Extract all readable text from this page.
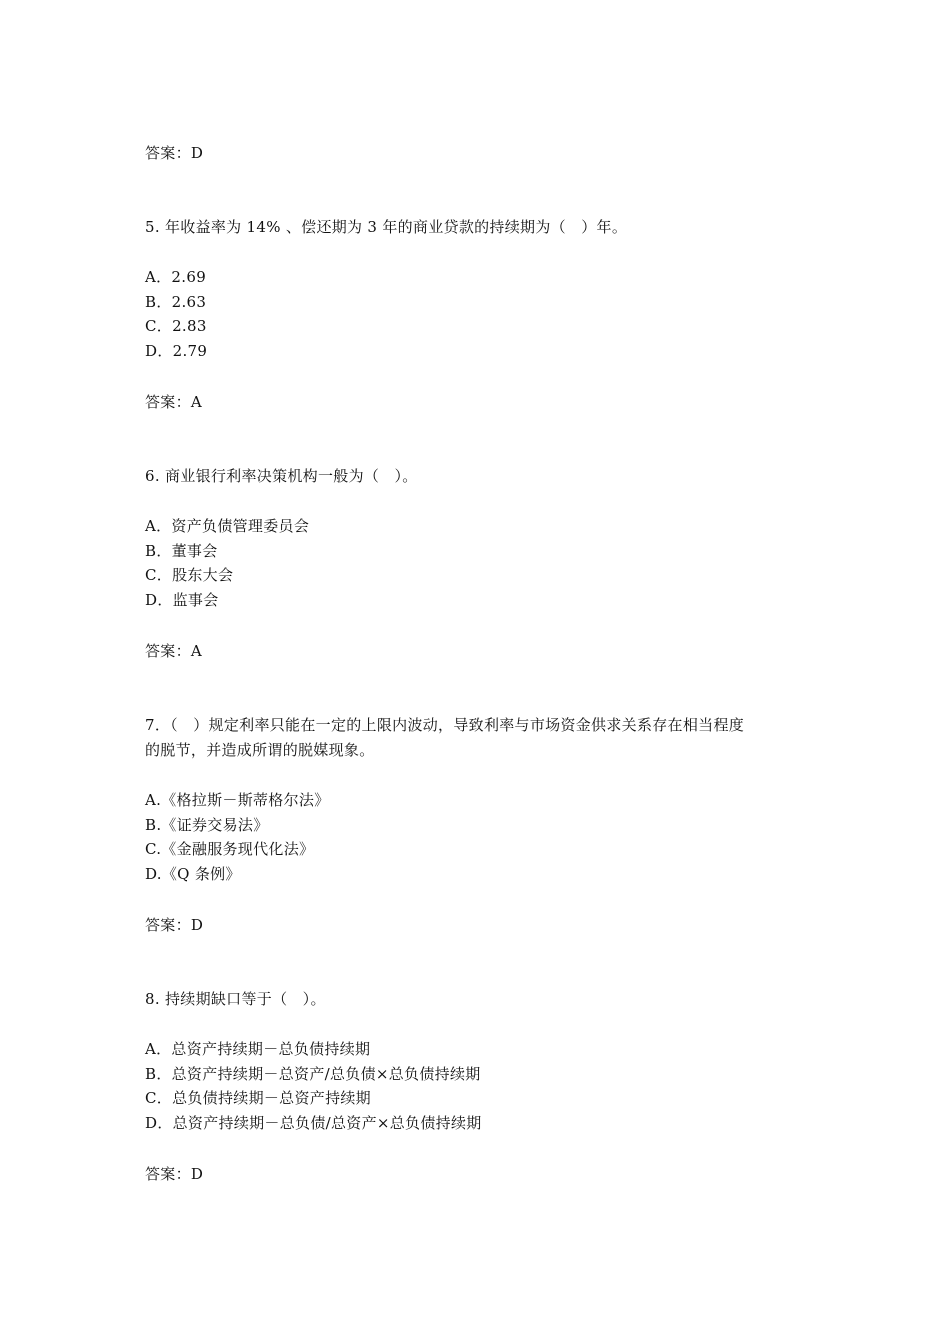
答案：D
5. 年收益率为 14% 、偿还期为 3 年的商业贷款的持续期为（　）年。
A．2.69
B．2.63
C．2.83
D．2.79
答案：A
6. 商业银行利率决策机构一般为（　）。
A．资产负债管理委员会
B．董事会
C．股东大会
D．监事会
答案：A
7．（　）规定利率只能在一定的上限内波动，导致利率与市场资金供求关系存在相当程度
的脱节，并造成所谓的脱媒现象。
A.《格拉斯－斯蒂格尔法》
B.《证券交易法》
C.《金融服务现代化法》
D.《Q 条例》
答案：D
8. 持续期缺口等于（　）。
A．总资产持续期－总负债持续期
B．总资产持续期－总资产/总负债×总负债持续期
C．总负债持续期－总资产持续期
D．总资产持续期－总负债/总资产×总负债持续期
答案：D
